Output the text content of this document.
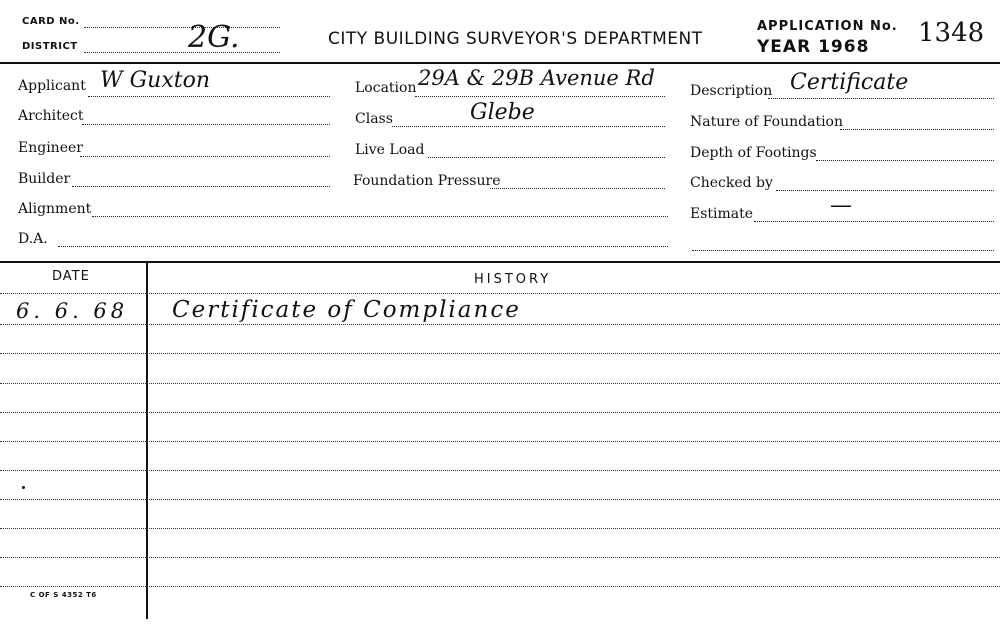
CARD No.
DISTRICT	2G.	CITY BUILDING SURVEYOR'S DEPARTMENT
APPLICATION No. 1348
YEAR 1968
Applicant W Guxton
Architect
Engineer
Builder
Alignment
D.A.
Location 29A & 29B Avenue Rd
Class	Glebe
Live Load
Foundation Pressure
Description Certificate
Nature of Foundation
Depth of Footings
Checked by
Estimate	—
DATE	HISTORY
6. 6. 68 Certificate of Compliance
C OF S 4352 T6
